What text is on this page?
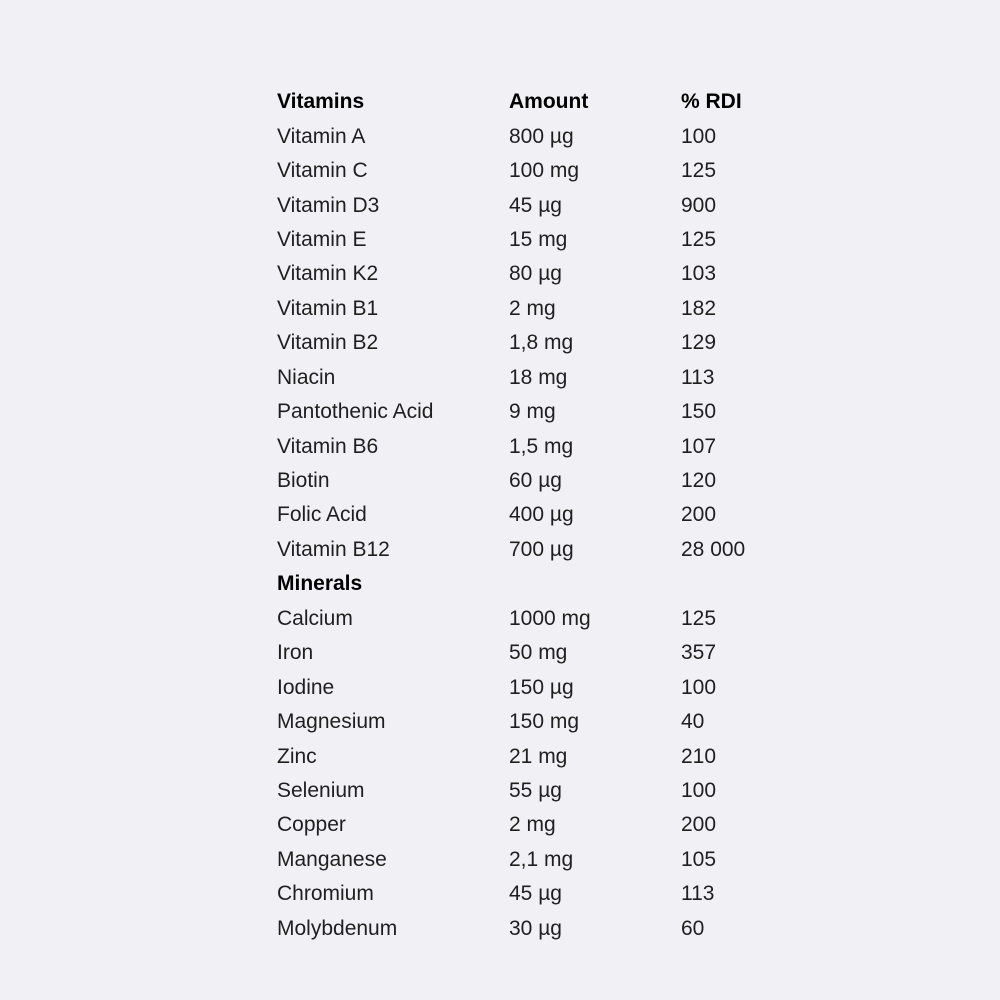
Vitamins	Amount	% RDI
Vitamin A	800 µg	100
Vitamin C	100 mg	125
Vitamin D3	45 µg	900
Vitamin E	15 mg	125
Vitamin K2	80 µg	103
Vitamin B1	2 mg	182
Vitamin B2	1,8 mg	129
Niacin	18 mg	113
Pantothenic Acid	9 mg	150
Vitamin B6	1,5 mg	107
Biotin	60 µg	120
Folic Acid	400 µg	200
Vitamin B12	700 µg	28 000
Minerals
Calcium	1000 mg	125
Iron	50 mg	357
Iodine	150 µg	100
Magnesium	150 mg	40
Zinc	21 mg	210
Selenium	55 µg	100
Copper	2 mg	200
Manganese	2,1 mg	105
Chromium	45 µg	113
Molybdenum	30 µg	60
